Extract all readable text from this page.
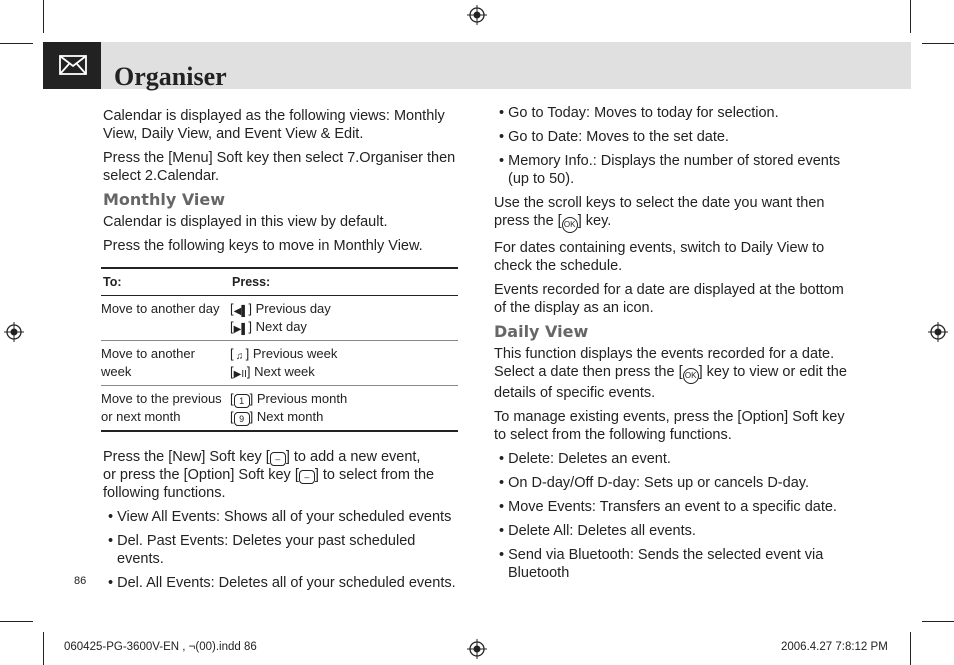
Organiser

Calendar is displayed as the following views: Monthly View, Daily View, and Event View & Edit.

Press the [Menu] Soft key then select 7.Organiser then select 2.Calendar.

Monthly View

Calendar is displayed in this view by default.

Press the following keys to move in Monthly View.

To:	Press:
Move to another day	[◀▌] Previous day
[▶▌] Next day
Move to another week	[ ♫ ] Previous week
[▶II] Next week
Move to the previous or next month	[ 1 ] Previous month
[ 9 ] Next month

Press the [New] Soft key [ – ] to add a new event,
or press the [Option] Soft key [ – ] to select from the following functions.

• View All Events: Shows all of your scheduled events
• Del. Past Events: Deletes your past scheduled events.
• Del. All Events: Deletes all of your scheduled events.
• Go to Today: Moves to today for selection.
• Go to Date: Moves to the set date.
• Memory Info.: Displays the number of stored events (up to 50).

Use the scroll keys to select the date you want then press the [ OK ] key.

For dates containing events, switch to Daily View to check the schedule.

Events recorded for a date are displayed at the bottom of the display as an icon.

Daily View

This function displays the events recorded for a date. Select a date then press the [ OK ] key to view or edit the details of specific events.

To manage existing events, press the [Option] Soft key to select from the following functions.

• Delete: Deletes an event.
• On D-day/Off D-day: Sets up or cancels D-day.
• Move Events: Transfers an event to a specific date.
• Delete All: Deletes all events.
• Send via Bluetooth: Sends the selected event via Bluetooth
86
060425-PG-3600V-EN , ¬(00).indd 86	2006.4.27 7:8:12 PM
